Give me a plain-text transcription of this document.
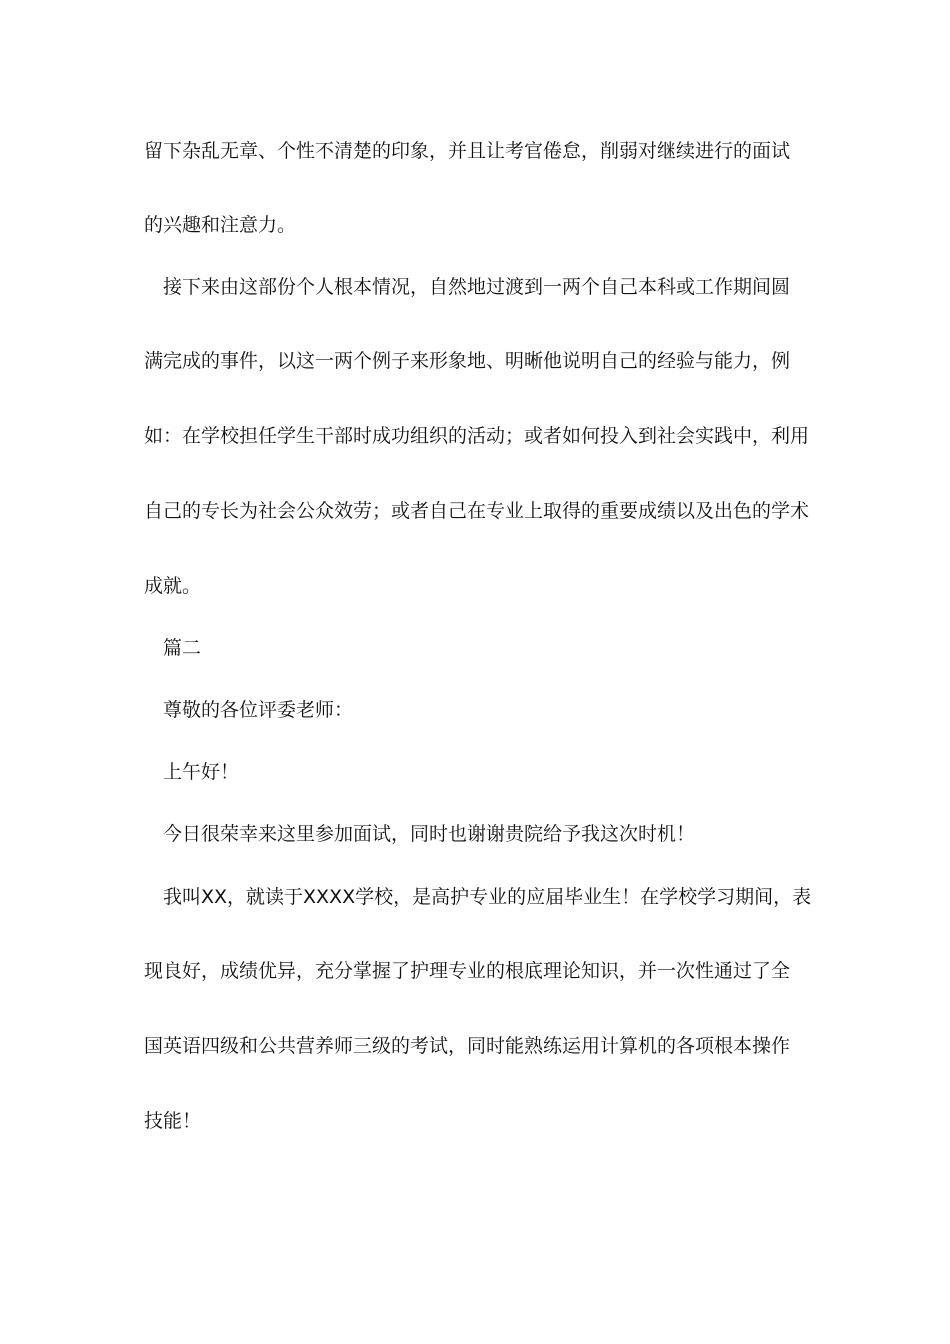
留下杂乱无章、个性不清楚的印象，并且让考官倦怠，削弱对继续进行的面试
的兴趣和注意力。
接下来由这部份个人根本情况，自然地过渡到一两个自己本科或工作期间圆
满完成的事件，以这一两个例子来形象地、明晰他说明自己的经验与能力，例
如：在学校担任学生干部时成功组织的活动；或者如何投入到社会实践中，利用
自己的专长为社会公众效劳；或者自己在专业上取得的重要成绩以及出色的学术
成就。
篇二
尊敬的各位评委老师：
上午好！
今日很荣幸来这里参加面试，同时也谢谢贵院给予我这次时机！
我叫XX，就读于XXXX学校，是高护专业的应届毕业生！在学校学习期间，表
现良好，成绩优异，充分掌握了护理专业的根底理论知识，并一次性通过了全
国英语四级和公共营养师三级的考试，同时能熟练运用计算机的各项根本操作
技能！
